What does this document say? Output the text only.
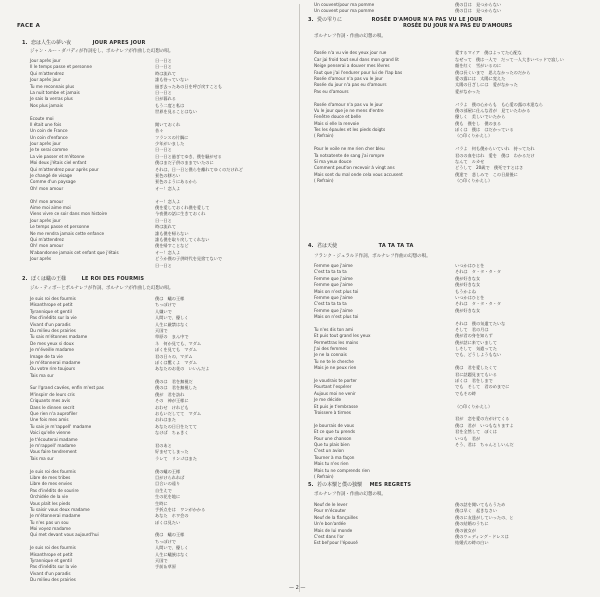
FACE A
1. 恋は人生の夢い夜	JOUR APRES JOUR
ジャン・ルー・ダバディが作詞をし、ポルナレフが作曲した幻想の唄。
Jour après jour
Il le temps passe et personne
Qui m'attendrez
Jour après jour
Tu me reconnais plus
La nuit tombe et jamais
Je sais la verras plus
Nos plus jamais
Ecoute moi
Il était une fois
Un coin de France
Un coin d'enfance
Jour après jour
Je te serai comme
La vie passer et m'étonne
Moi deux j'étais ciel enfant
Qui m'attendrez pour après pour
Je changé de visage
Comme d'un paysage
Oh! mon amour
Oh! mon amour
Aime moi aime moi
Viens vivre ce soir dans mon histoire
Jour après jour
Le temps passe et personne
Ne me rendra jamais cette enfance
Qui m'attendrez
Oh! mon amour
N'abandonne jamais cet enfant que j'étais
Jour après
日一日と
日一日と
時は流れて
誰も待っていない
過ぎ去ったあの日を呼び戻すことも
日一日と
日が暮れる
もう二度と私は
世界を見ることはない
聞いておくれ
昔々
フランスの片隅に
少年がいました
日一日と
日一日と過ぎてゆき、僕を騒がせる
僕はまだ子供のままでいたのに
それは、日一日と僕らを離れてゆくのだけれど
景色の移ろい
景色のようにあるから
オー！恋人よ
オー！恋人よ
僕を愛しておくれ僕を愛して
今夜僕の話に生きておくれ
日一日と
時は流れて
誰も僕を帰らない
誰も僕を取り戻してくれない
僕を帰すことなど
オー！恋人よ
どうか僕の子供時代を見捨てないで
日一日と
2. ぼくは蟻の王様	LE ROI DES FOURMIS
ジル・ティボーとポルナレフが作詞、ポルナレフが作曲した幻想の唄。
Je suis roi des fourmis
Misanthrope et petit
Tyrannique et gentil
Pas d'inédits sur la vie
Vivant d'un paradis
Du milieu des prairies
Tu sais m'étonnes madame
De mes yeux si doux
Je m'éveille madame
Image de ta vie
Je m'étonnerai madame
Ou votre rire toujours
Tais ma sur
Sur l'grand cavées, enfin m'est pas
M'inspirr de leurs cris
Criquants mes avis
Dans le dinnen secrit
Que rien n'a auprofiler
Une fois mes amis
Tu sais je m'rappell' madame
Voici qu'elle vienne
Je t'écouterai madame
Je m'rappell' madame
Vous faire tendrement
Tais ma sur
Je suis roi des fourmis
Libre de mes tribes
Libre de mes envies
Pas d'inédits de sourire
Orchidée de la vie
Vous plaît les pieds
Tu saisir vous deux madame
Je m'étonnerai madame
Tu n'es pas un sou
Moi voyez madame
Qui met devant vous aujourd'hui
Je suis roi des fourmis
Misanthrope et petit
Tyrannique et gentil
Pas d'inédits sur la vie
Vivant d'un paradis
Du milieu des prairies
僕は　蟻の王様
ちっぽけで
人嫌いで
人間いで、優しく
人生に厳禁はなく
天国で
草原の　まん中で
ネ　何か見ても、マダム
ぼくを見ても　マダム
君の日々の、マダム
ぼくは驚くよ　マダム
あなたのお花の　いいんだよ
僕のは　君を無視だ
僕のは　君を無視した
僕が　君を訪れ
その　神が王様に
おわせ　けれども
おもいだしてて　マダム
おれはまた
あなたの日日をたてて
なけば　ちぁきく
君のあと
好ませてしまった
ラレて　リンゴはまた
僕の蟻の王様
目がけられれば
目合いの遠り
自生えで
生の花を地に
生時に
手折点をは　ワンがかかる
あなた　ホワ会の
ぼくは見たい
僕は　蟻の王様
ちっぽけで
人間いで、優しく
人生に蟻族はなく
天国で
手前＆草原
Un couvent/pour ma pomme
Un couvent pour ma pomme
僕の目は　見つからない
僕の目は　見つからない
3. 愛の雫りに	ROSÉE D'AMOUR N'A PAS VU LE JOUR
ROSÉE DU JOUR N'A PAS EU D'AMOURS
ポルナレフ作詞・作曲の幻想の唄。
4. 君は天使	TA TA TA TA
フランク・ジェラルド作詞、ポルナレフ作曲の幻想の唄。
Femme que j'aime
C'est ta ta ta ta
Femme que j'aime
Femme que j'aime
Mais on n'est plus toi
Femme que j'aime
C'est ta ta ta ta
Femme que j'aime
Mais on n'est plus toi
Tu n'es dis ton ami
Et puis tout grand les yeux
Permettras les mains
J'ai des femmes
Je ne la connais
Tu ne te le cherche
Mais je ne peux rien
Je voudrais te porter
Pourtant l'espérer
Aujous moi ne venir
Je me décide
Et puis je t'embrasse
Troissere à tirmes
Je bourrais de vous
Et ce que tu prends
Pour une chanson
Que tu plais bien
C'est un avion
Tourner à ma façon
Mais tu n'es rien
Mais tu ne comprends rien
( Refrain)
いつかはひとを
それは　タ・タ・タ・タ
僕が好きな女
僕が好きな女
もうかよね
いつかはひとを
それは　タ・タ・タ・タ
僕が好きな女
それは　僕の気遣てたいな
そして　君の月は
僕が君の身を知らず
僕が話に来ていまして
しそして　気遣ってた
でも、どうしようもない
僕は　君を愛したくて
君に話題見まてもいる
ぼくは　君をしまで
でも　そして　君のめまでに
でもその時
（○印くりかえし）
君が　恋を愛の方がけてくる
僕は　君が　いつもなりますよ
君を全然して　ぼくは
いつも　君が
そう、君は　ちゃんとしいんだ
5. 若の本懐と僕の独懐 MES REGRETS
ポルナレフ作詞・作曲の幻想の唄。
Neuf de le lever
Pour m'écouter
Neuf de la fiançailles
Un'e bon'ardée
Mais de lui monde
C'est dans l'or
Est bel'pour l'épousé
僕の話を聞いてもらうため
僕は早く　起きなさい
僕のに友達がしていったの、と
僕の結婚のうちに
僕の彼女が
僕のウェディング・ドレスは
結婚式の時の白い
Rosée n'a vu vie des yeux jour rue
Car jai froid tout seul dans mon grand lit
Neige penserai a douver mes lèvres
Faut que j'ai l'endurer pour lui de l'lap bas
Rosée d'amour n'a pas vu le jour
Rosée du jour n'a pas eu d'amours
Pas eu d'amours
Rosée d'amour n'a pas vu le jour
Vu le jour que je ne mens d'entre
Fenêtre douce et belle
Mais si elle la renvoie
Tes les épaules et les pieds doigts
( Refrain)
Pour le voile ne me rien cher bleu
Ta notsatente de sang j'ai rompre
Si ma yeux douce
Comment peut'on recevoir à vingt ans
Mais sont du mal onde cela vous accusent
( Refrain)
愛するマイア　僕はよってた心配な
なぜって　僕は一人で　だって一人大きいベッドで寂しい
顔を紅く　雪がいるのに
僕は長くいまで　思えなかったのだから
愛の露には　太陽に変えた
太陽の日ざしには　愛がなかった
愛がなかった
パラよ　僕の心からも　も心愛の露の木達なら
僕の部屋に仕んな君が　見ていたわかる
優しく　美しいでいたから
僕も　僕をし　僕のまる
ぼくは　僕は　はだかっている
（○印くりかえし）
パラよ　何も僕からいていれ　持ってたれ
君のの血をはれ　愛を　僕は　わかるだけ
なんて　ルカせ
どうして　20歳で　僕死ですとはさ
僕達で　悲しみで　この日最後に
（○印くりかえし）
— 2 —
